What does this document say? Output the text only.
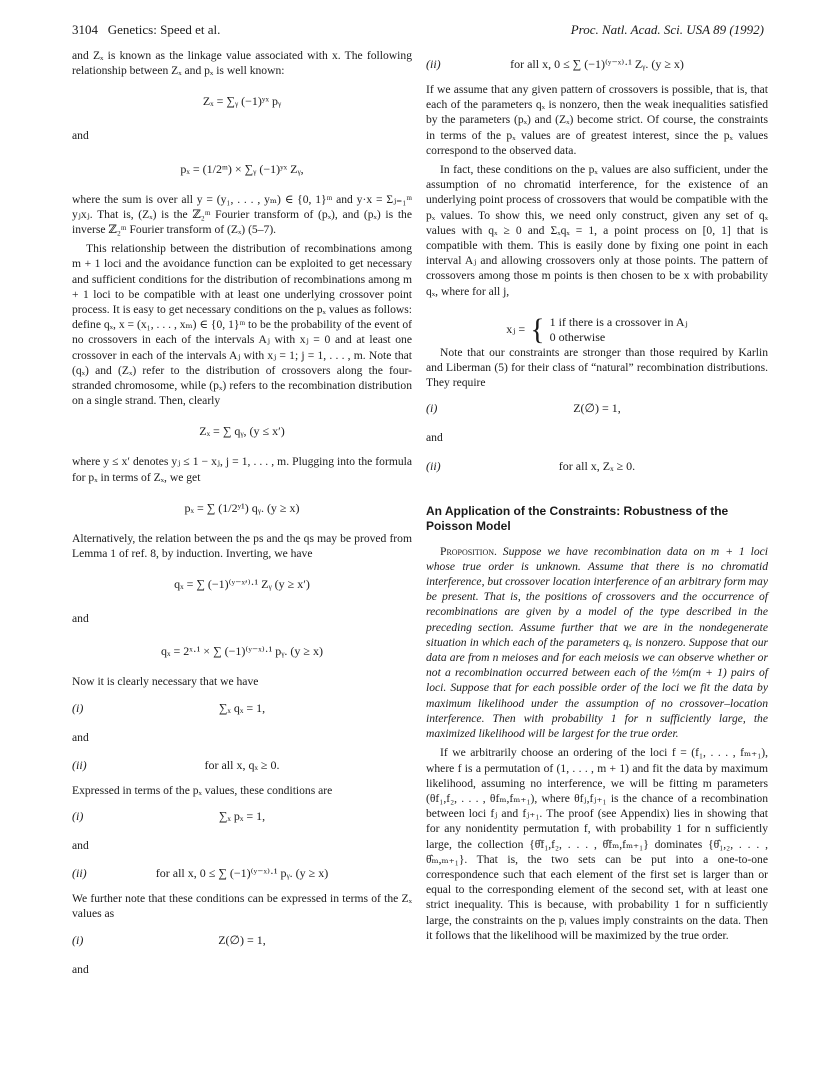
3104 Genetics: Speed et al.	Proc. Natl. Acad. Sci. USA 89 (1992)

and Zₓ is known as the linkage value associated with x. The following relationship between Zₓ and pₓ is well known:

Zₓ = ∑ᵧ (−1)ʸˣ pᵧ
and
pₓ = (1/2ᵐ) × ∑ᵧ (−1)ʸˣ Zᵧ,

where the sum is over all y = (y₁, . . . , yₘ) ∈ {0, 1}ᵐ and y·x = Σⱼ₌₁ᵐ yⱼxⱼ. That is, (Zₓ) is the ℤ₂ᵐ Fourier transform of (pₓ), and (pₓ) is the inverse ℤ₂ᵐ Fourier transform of (Zₓ) (5–7).

This relationship between the distribution of recombinations among m + 1 loci and the avoidance function can be exploited to get necessary and sufficient conditions for the distribution of recombinations among m + 1 loci to be compatible with at least one underlying crossover point process. It is easy to get necessary conditions on the pₓ values as follows: define qₓ, x = (x₁, . . . , xₘ) ∈ {0, 1}ᵐ to be the probability of the event of no crossovers in each of the intervals Aⱼ with xⱼ = 0 and at least one crossover in each of the intervals Aⱼ with xⱼ = 1; j = 1, . . . , m. Note that (qₓ) and (Zₓ) refer to the distribution of crossovers along the four-stranded chromosome, while (pₓ) refers to the recombination distribution on a single strand. Then, clearly

Zₓ = ∑ qᵧ, (y ≤ x′)

where y ≤ x′ denotes yⱼ ≤ 1 − xⱼ, j = 1, . . . , m. Plugging into the formula for pₓ in terms of Zₓ, we get

pₓ = ∑ (1/2ʸ¹) qᵧ. (y ≥ x)

Alternatively, the relation between the ps and the qs may be proved from Lemma 1 of ref. 8, by induction. Inverting, we have

qₓ = ∑ (−1)⁽ʸ⁻ˣ′⁾·¹ Zᵧ (y ≥ x′)
and
qₓ = 2ˣ·¹ × ∑ (−1)⁽ʸ⁻ˣ⁾·¹ pᵧ. (y ≥ x)

Now it is clearly necessary that we have

(i)	∑ₓ qₓ = 1,
and
(ii)	for all x, qₓ ≥ 0.

Expressed in terms of the pₓ values, these conditions are

(i)	∑ₓ pₓ = 1,
and
(ii)	for all x, 0 ≤ ∑ (−1)⁽ʸ⁻ˣ⁾·¹ pᵧ. (y ≥ x)

We further note that these conditions can be expressed in terms of the Zₓ values as

(i)	Z(∅) = 1,
and
(ii)	for all x, 0 ≤ ∑ (−1)⁽ʸ⁻ˣ⁾·¹ Zᵧ. (y ≥ x)

If we assume that any given pattern of crossovers is possible, that is, that each of the parameters qₓ is nonzero, then the weak inequalities satisfied by the parameters (pₓ) and (Zₓ) become strict. Of course, the constraints in terms of the pₓ values are of greatest interest, since the pₓ values correspond to the observed data.

In fact, these conditions on the pₓ values are also sufficient, under the assumption of no chromatid interference, for the existence of an underlying point process of crossovers that would be compatible with the pₓ values. To show this, we need only construct, given any set of qₓ values with qₓ ≥ 0 and Σₓqₓ = 1, a point process on [0, 1] that is compatible with them. This is easily done by fixing one point in each interval Aⱼ and allowing crossovers only at those points. The pattern of crossovers among those m points is then chosen to be x with probability qₓ, where for all j,

xⱼ = { 1 if there is a crossover in Aⱼ
0 otherwise

Note that our constraints are stronger than those required by Karlin and Liberman (5) for their class of “natural” recombination distributions. They require

(i)	Z(∅) = 1,
and
(ii)	for all x, Zₓ ≥ 0.
An Application of the Constraints: Robustness of the Poisson Model

Proposition. Suppose we have recombination data on m + 1 loci whose true order is unknown. Assume that there is no chromatid interference, but crossover location interference of an arbitrary form may be present. That is, the positions of crossovers and the occurrence of recombinations are given by a model of the type described in the preceding section. Assume further that we are in the nondegenerate situation in which each of the parameters qₓ is nonzero. Suppose that our data are from n meioses and for each meiosis we can observe whether or not a recombination occurred between each of the ½m(m + 1) pairs of loci. Suppose that for each possible order of the loci we fit the data by maximum likelihood under the assumption of no crossover–location interference. Then with probability 1 for n sufficiently large, the maximized likelihood will be largest for the true order.

If we arbitrarily choose an ordering of the loci f = (f₁, . . . , fₘ₊₁), where f is a permutation of (1, . . . , m + 1) and fit the data by maximum likelihood, assuming no interference, we will be fitting m parameters (θf₁,f₂, . . . , θfₘ,fₘ₊₁), where θfⱼ,fⱼ₊₁ is the chance of a recombination between loci fⱼ and fⱼ₊₁. The proof (see Appendix) lies in showing that for any nonidentity permutation f, with probability 1 for n sufficiently large, the collection {θ̂f₁,f₂, . . . , θ̂fₘ,fₘ₊₁} dominates {θ̂₁,₂, . . . , θ̂ₘ,ₘ₊₁}. That is, the two sets can be put into a one-to-one correspondence such that each element of the first set is larger than or equal to the corresponding element of the second set, with at least one strict inequality. This is because, with probability 1 for n sufficiently large, the constraints on the pᵢ values imply constraints on the data. Then it follows that the likelihood will be maximized by the true order.
